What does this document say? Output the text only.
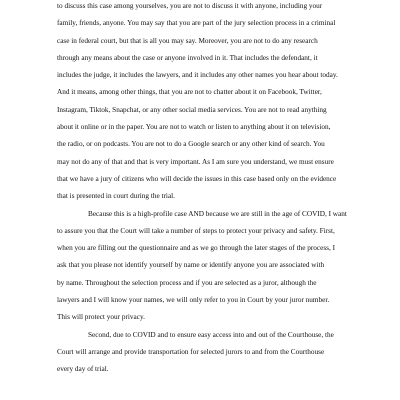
to discuss this case among yourselves, you are not to discuss it with anyone, including your
family, friends, anyone. You may say that you are part of the jury selection process in a criminal
case in federal court, but that is all you may say. Moreover, you are not to do any research
through any means about the case or anyone involved in it. That includes the defendant, it
includes the judge, it includes the lawyers, and it includes any other names you hear about today.
And it means, among other things, that you are not to chatter about it on Facebook, Twitter,
Instagram, Tiktok, Snapchat, or any other social media services. You are not to read anything
about it online or in the paper. You are not to watch or listen to anything about it on television,
the radio, or on podcasts. You are not to do a Google search or any other kind of search. You
may not do any of that and that is very important. As I am sure you understand, we must ensure
that we have a jury of citizens who will decide the issues in this case based only on the evidence
that is presented in court during the trial.
Because this is a high-profile case AND because we are still in the age of COVID, I want
to assure you that the Court will take a number of steps to protect your privacy and safety. First,
when you are filling out the questionnaire and as we go through the later stages of the process, I
ask that you please not identify yourself by name or identify anyone you are associated with
by name. Throughout the selection process and if you are selected as a juror, although the
lawyers and I will know your names, we will only refer to you in Court by your juror number.
This will protect your privacy.
Second, due to COVID and to ensure easy access into and out of the Courthouse, the
Court will arrange and provide transportation for selected jurors to and from the Courthouse
every day of trial.
